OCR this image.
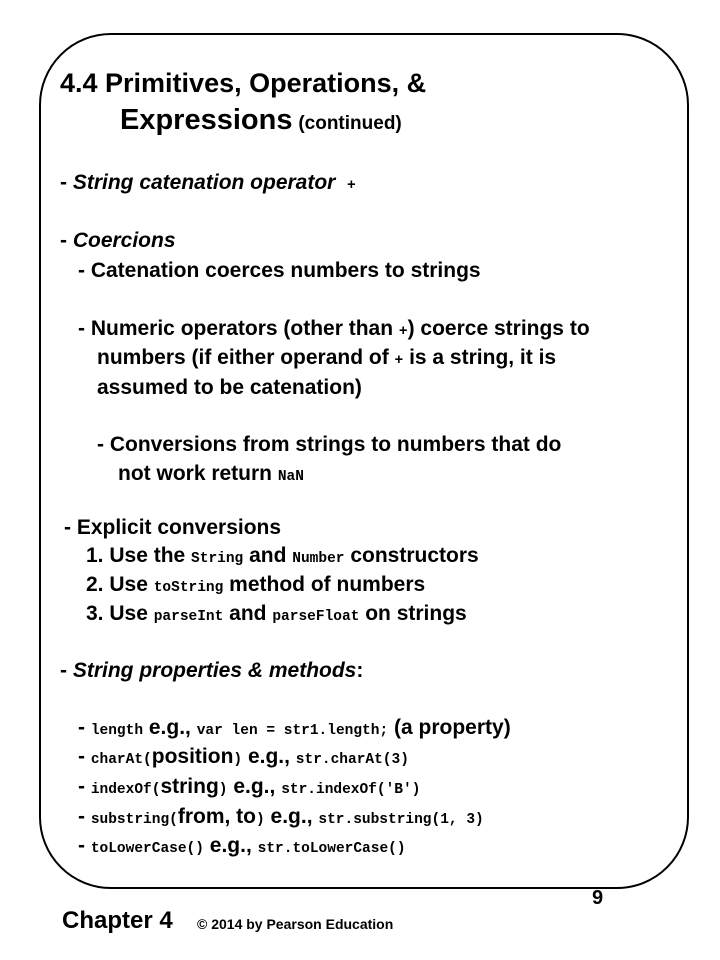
4.4 Primitives, Operations, &
Expressions (continued)
- String catenation operator +
- Coercions
- Catenation coerces numbers to strings
- Numeric operators (other than +) coerce strings to
numbers (if either operand of + is a string, it is
assumed to be catenation)
- Conversions from strings to numbers that do
not work return NaN
- Explicit conversions
1. Use the String and Number constructors
2. Use toString method of numbers
3. Use parseInt and parseFloat on strings
- String properties & methods:
- length e.g., var len = str1.length; (a property)
- charAt(position) e.g., str.charAt(3)
- indexOf(string) e.g., str.indexOf('B')
- substring(from, to) e.g., str.substring(1, 3)
- toLowerCase() e.g., str.toLowerCase()
Chapter 4 © 2014 by Pearson Education
9
